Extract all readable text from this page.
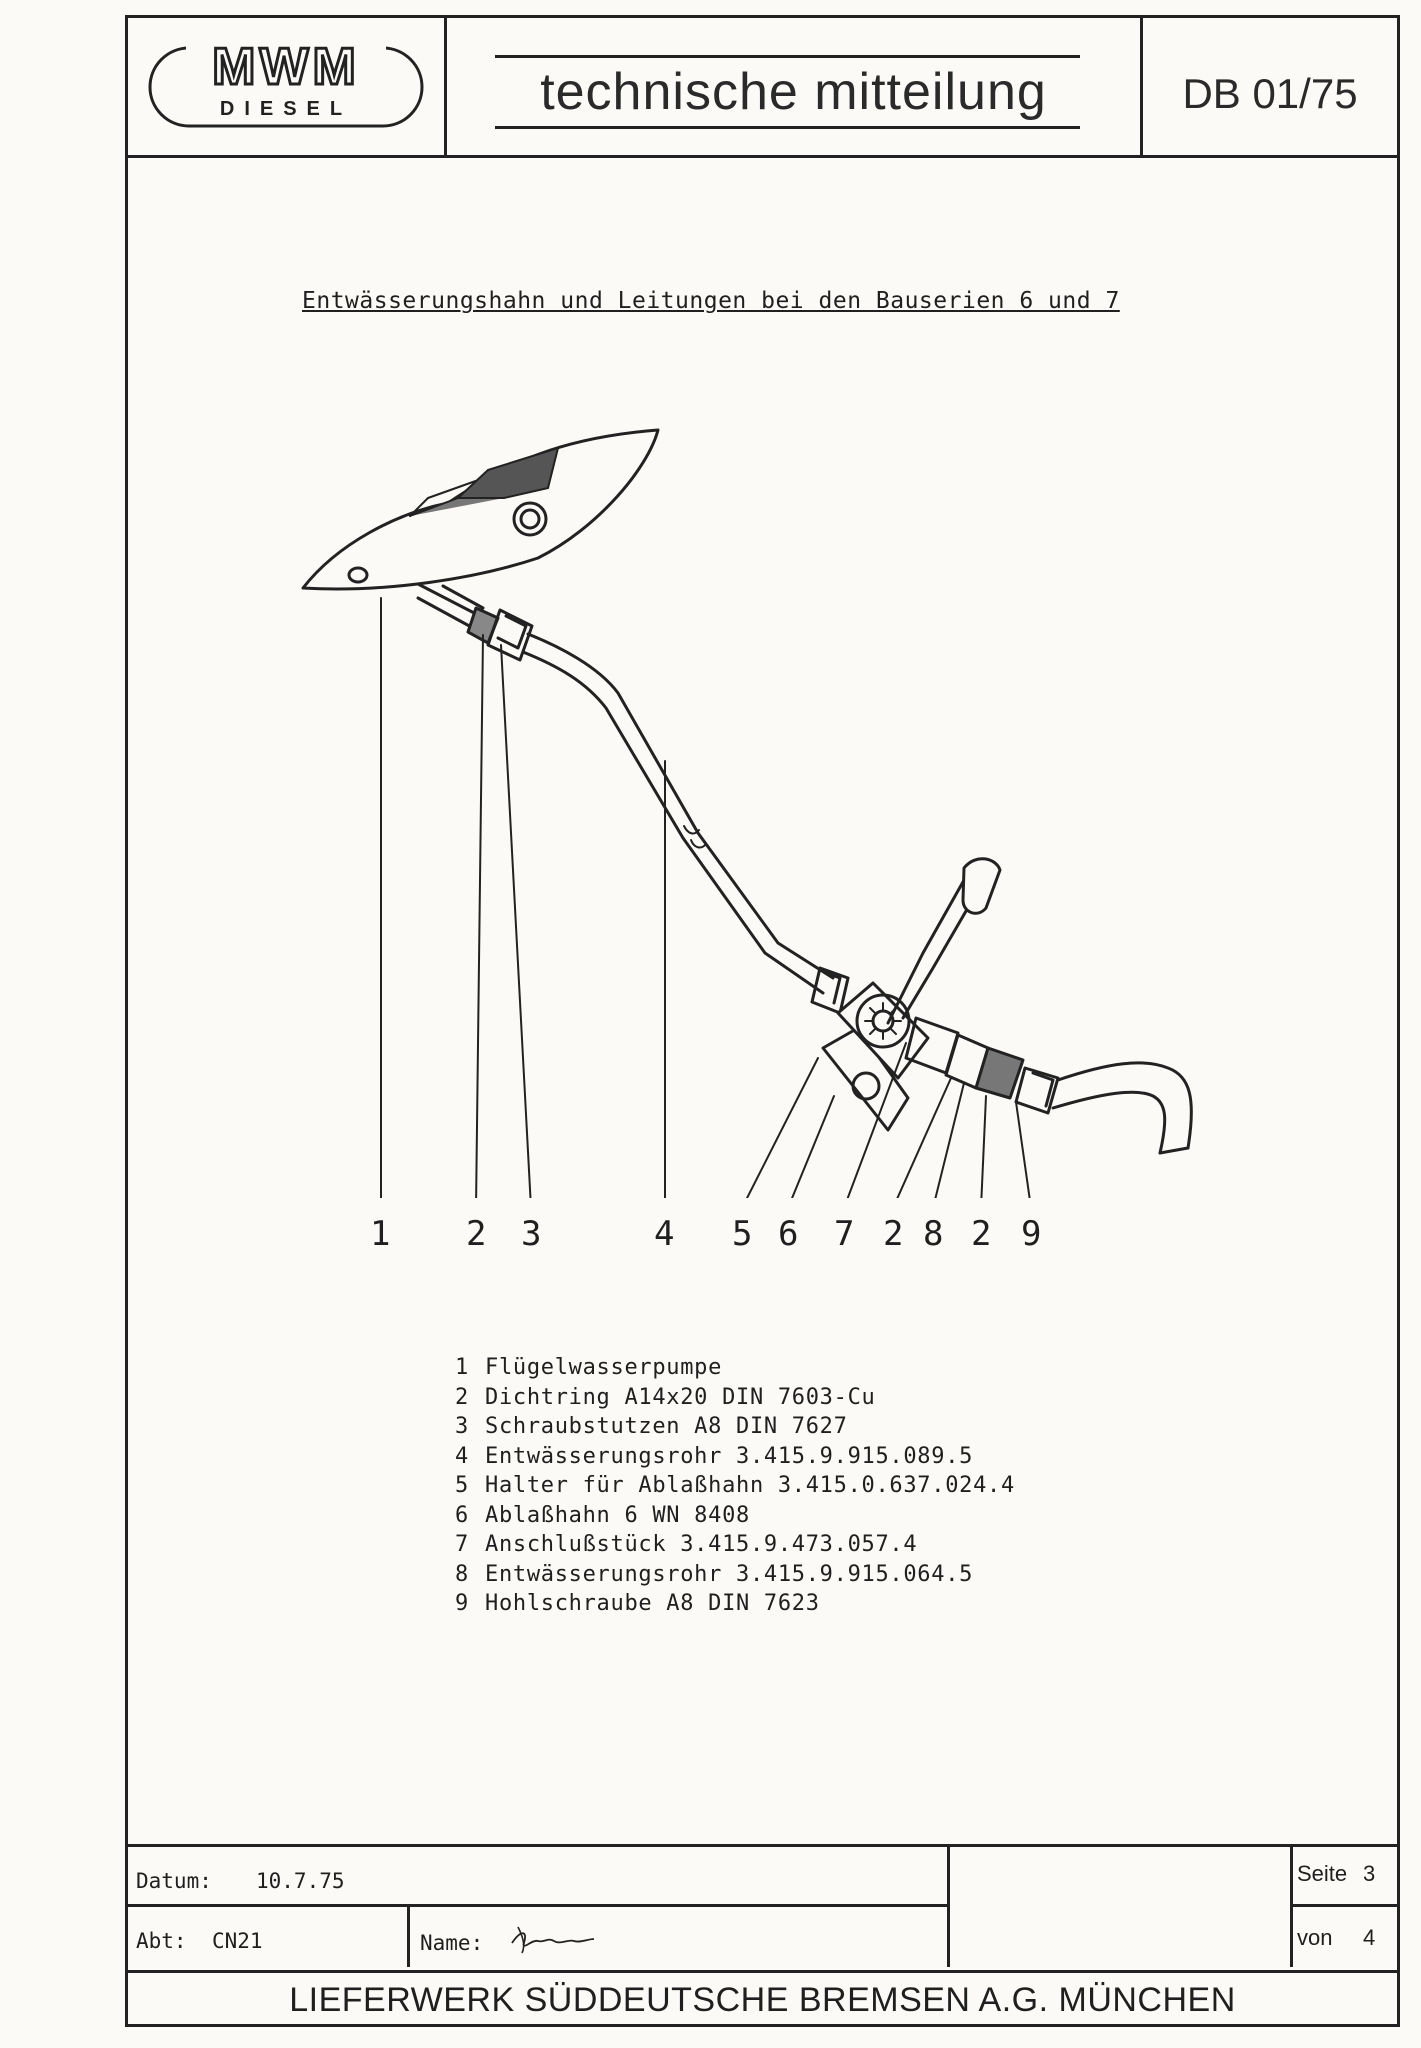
MWM
DIESEL	technische mitteilung	DB 01/75
Entwässerungshahn und Leitungen bei den Bauserien 6 und 7
1 2 3	4 5 6 7 2 8 2 9
1 Flügelwasserpumpe
2 Dichtring A14x20 DIN 7603-Cu
3 Schraubstutzen A8 DIN 7627
4 Entwässerungsrohr 3.415.9.915.089.5
5 Halter für Ablaßhahn 3.415.0.637.024.4
6 Ablaßhahn 6 WN 8408
7 Anschlußstück 3.415.9.473.057.4
8 Entwässerungsrohr 3.415.9.915.064.5
9 Hohlschraube A8 DIN 7623
Datum: 10.7.75
Abt: CN21	Name:
Seite 3
von 4
LIEFERWERK SÜDDEUTSCHE BREMSEN A.G. MÜNCHEN
